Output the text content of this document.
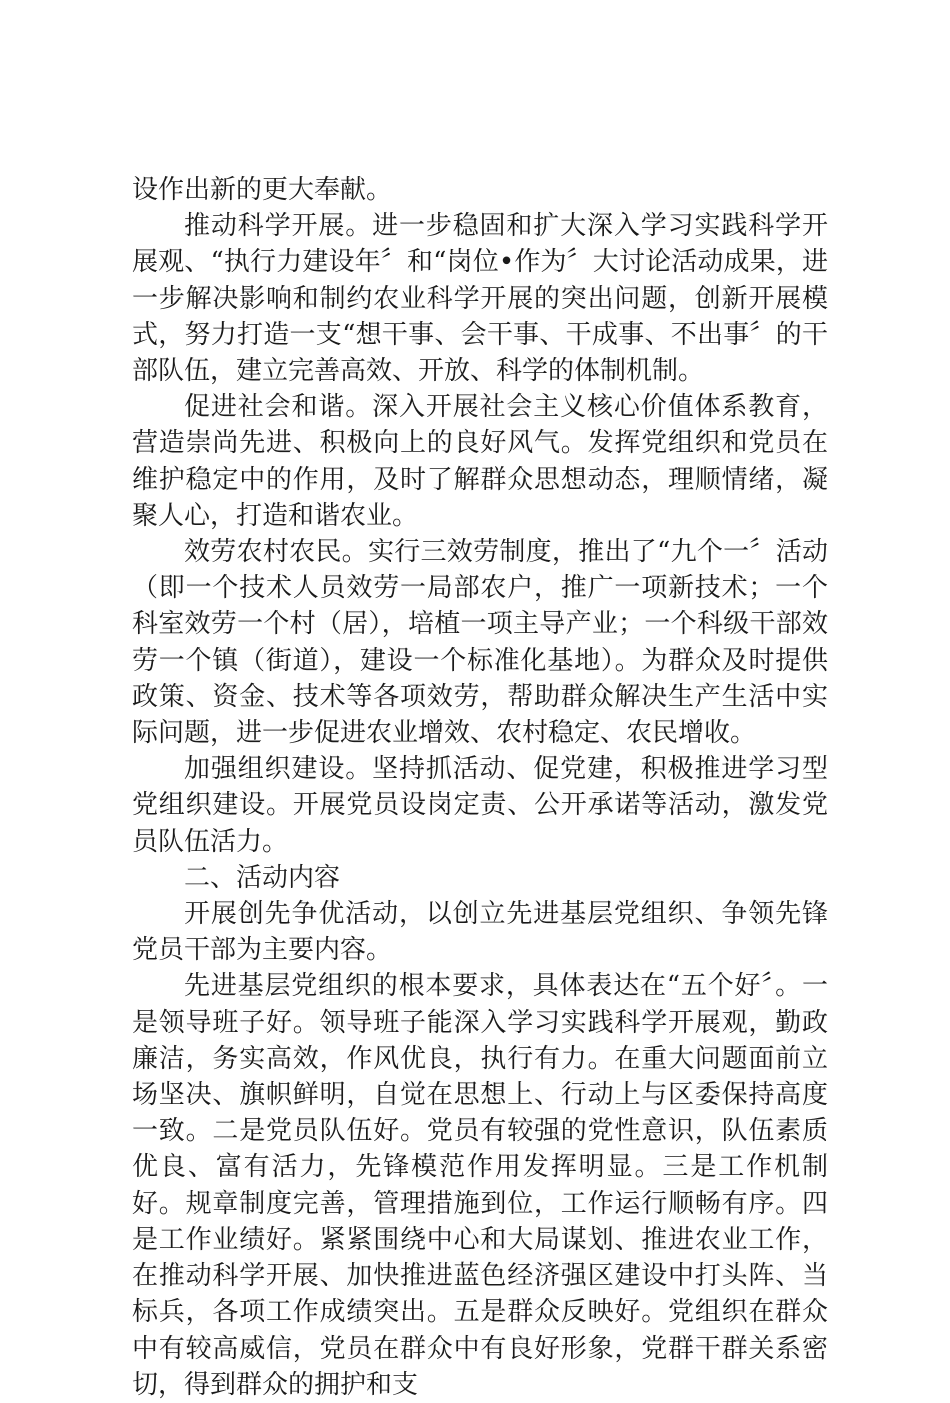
设作出新的更大奉献。

推动科学开展。进一步稳固和扩大深入学习实践科学开展观、“执行力建设年〞和“岗位•作为〞大讨论活动成果，进一步解决影响和制约农业科学开展的突出问题，创新开展模式，努力打造一支“想干事、会干事、干成事、不出事〞的干部队伍，建立完善高效、开放、科学的体制机制。

促进社会和谐。深入开展社会主义核心价值体系教育，营造崇尚先进、积极向上的良好风气。发挥党组织和党员在维护稳定中的作用，及时了解群众思想动态，理顺情绪，凝聚人心，打造和谐农业。

效劳农村农民。实行三效劳制度，推出了“九个一〞活动（即一个技术人员效劳一局部农户，推广一项新技术；一个科室效劳一个村（居），培植一项主导产业；一个科级干部效劳一个镇（街道），建设一个标准化基地）。为群众及时提供政策、资金、技术等各项效劳，帮助群众解决生产生活中实际问题，进一步促进农业增效、农村稳定、农民增收。

加强组织建设。坚持抓活动、促党建，积极推进学习型党组织建设。开展党员设岗定责、公开承诺等活动，激发党员队伍活力。

二、活动内容

开展创先争优活动，以创立先进基层党组织、争领先锋党员干部为主要内容。

先进基层党组织的根本要求，具体表达在“五个好〞。一是领导班子好。领导班子能深入学习实践科学开展观，勤政廉洁，务实高效，作风优良，执行有力。在重大问题面前立场坚决、旗帜鲜明，自觉在思想上、行动上与区委保持高度一致。二是党员队伍好。党员有较强的党性意识，队伍素质优良、富有活力，先锋模范作用发挥明显。三是工作机制好。规章制度完善，管理措施到位，工作运行顺畅有序。四是工作业绩好。紧紧围绕中心和大局谋划、推进农业工作，在推动科学开展、加快推进蓝色经济强区建设中打头阵、当标兵，各项工作成绩突出。五是群众反映好。党组织在群众中有较高威信，党员在群众中有良好形象，党群干群关系密切，得到群众的拥护和支
